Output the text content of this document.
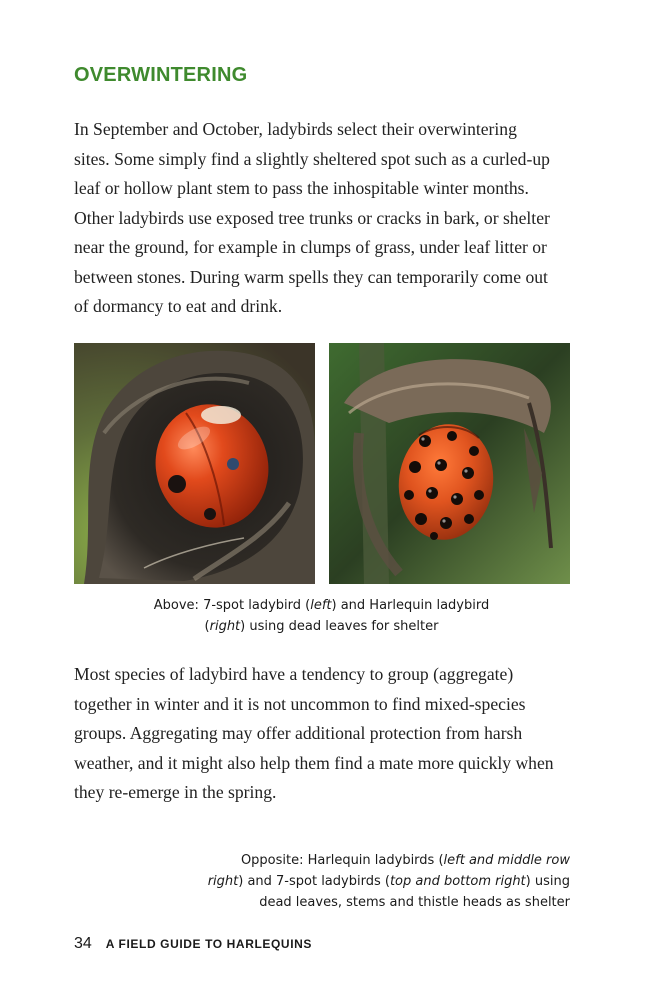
OVERWINTERING

In September and October, ladybirds select their overwintering
sites. Some simply find a slightly sheltered spot such as a curled-up
leaf or hollow plant stem to pass the inhospitable winter months.
Other ladybirds use exposed tree trunks or cracks in bark, or shelter
near the ground, for example in clumps of grass, under leaf litter or
between stones. During warm spells they can temporarily come out
of dormancy to eat and drink.

Above: 7-spot ladybird (left) and Harlequin ladybird
(right) using dead leaves for shelter

Most species of ladybird have a tendency to group (aggregate)
together in winter and it is not uncommon to find mixed-species
groups. Aggregating may offer additional protection from harsh
weather, and it might also help them find a mate more quickly when
they re-emerge in the spring.

Opposite: Harlequin ladybirds (left and middle row
right) and 7-spot ladybirds (top and bottom right) using
dead leaves, stems and thistle heads as shelter
34 A FIELD GUIDE TO HARLEQUINS
